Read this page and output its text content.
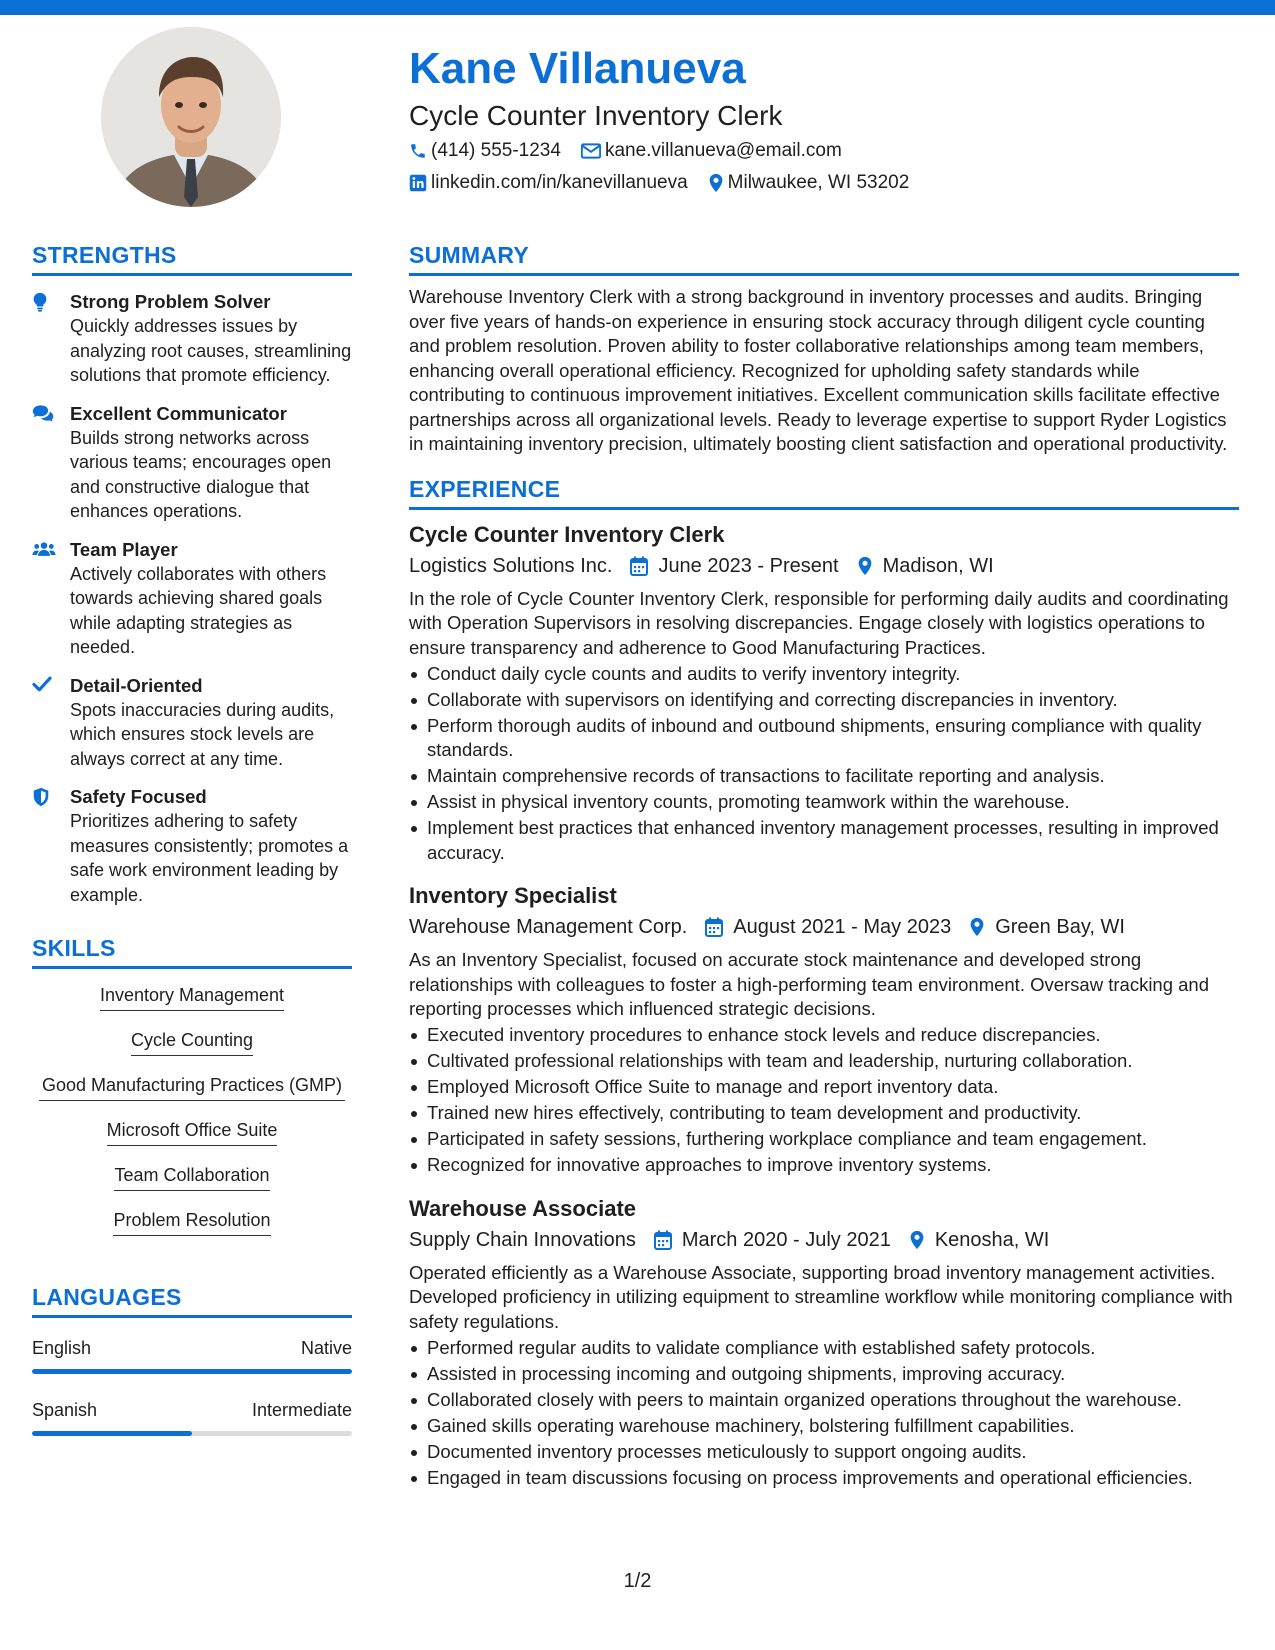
Kane Villanueva
Cycle Counter Inventory Clerk
(414) 555-1234 kane.villanueva@email.com
linkedin.com/in/kanevillanueva Milwaukee, WI 53202
STRENGTHS
Strong Problem Solver
Quickly addresses issues by analyzing root causes, streamlining solutions that promote efficiency.
Excellent Communicator
Builds strong networks across various teams; encourages open and constructive dialogue that enhances operations.
Team Player
Actively collaborates with others towards achieving shared goals while adapting strategies as needed.
Detail-Oriented
Spots inaccuracies during audits, which ensures stock levels are always correct at any time.
Safety Focused
Prioritizes adhering to safety measures consistently; promotes a safe work environment leading by example.
SKILLS
Inventory Management
Cycle Counting
Good Manufacturing Practices (GMP)
Microsoft Office Suite
Team Collaboration
Problem Resolution
LANGUAGES
English	Native
Spanish	Intermediate
SUMMARY
Warehouse Inventory Clerk with a strong background in inventory processes and audits. Bringing over five years of hands-on experience in ensuring stock accuracy through diligent cycle counting and problem resolution. Proven ability to foster collaborative relationships among team members, enhancing overall operational efficiency. Recognized for upholding safety standards while contributing to continuous improvement initiatives. Excellent communication skills facilitate effective partnerships across all organizational levels. Ready to leverage expertise to support Ryder Logistics in maintaining inventory precision, ultimately boosting client satisfaction and operational productivity.
EXPERIENCE
Cycle Counter Inventory Clerk
Logistics Solutions Inc. June 2023 - Present Madison, WI
In the role of Cycle Counter Inventory Clerk, responsible for performing daily audits and coordinating with Operation Supervisors in resolving discrepancies. Engage closely with logistics operations to ensure transparency and adherence to Good Manufacturing Practices.
Conduct daily cycle counts and audits to verify inventory integrity.
Collaborate with supervisors on identifying and correcting discrepancies in inventory.
Perform thorough audits of inbound and outbound shipments, ensuring compliance with quality standards.
Maintain comprehensive records of transactions to facilitate reporting and analysis.
Assist in physical inventory counts, promoting teamwork within the warehouse.
Implement best practices that enhanced inventory management processes, resulting in improved accuracy.
Inventory Specialist
Warehouse Management Corp. August 2021 - May 2023 Green Bay, WI
As an Inventory Specialist, focused on accurate stock maintenance and developed strong relationships with colleagues to foster a high-performing team environment. Oversaw tracking and reporting processes which influenced strategic decisions.
Executed inventory procedures to enhance stock levels and reduce discrepancies.
Cultivated professional relationships with team and leadership, nurturing collaboration.
Employed Microsoft Office Suite to manage and report inventory data.
Trained new hires effectively, contributing to team development and productivity.
Participated in safety sessions, furthering workplace compliance and team engagement.
Recognized for innovative approaches to improve inventory systems.
Warehouse Associate
Supply Chain Innovations March 2020 - July 2021 Kenosha, WI
Operated efficiently as a Warehouse Associate, supporting broad inventory management activities. Developed proficiency in utilizing equipment to streamline workflow while monitoring compliance with safety regulations.
Performed regular audits to validate compliance with established safety protocols.
Assisted in processing incoming and outgoing shipments, improving accuracy.
Collaborated closely with peers to maintain organized operations throughout the warehouse.
Gained skills operating warehouse machinery, bolstering fulfillment capabilities.
Documented inventory processes meticulously to support ongoing audits.
Engaged in team discussions focusing on process improvements and operational efficiencies.
1/2
